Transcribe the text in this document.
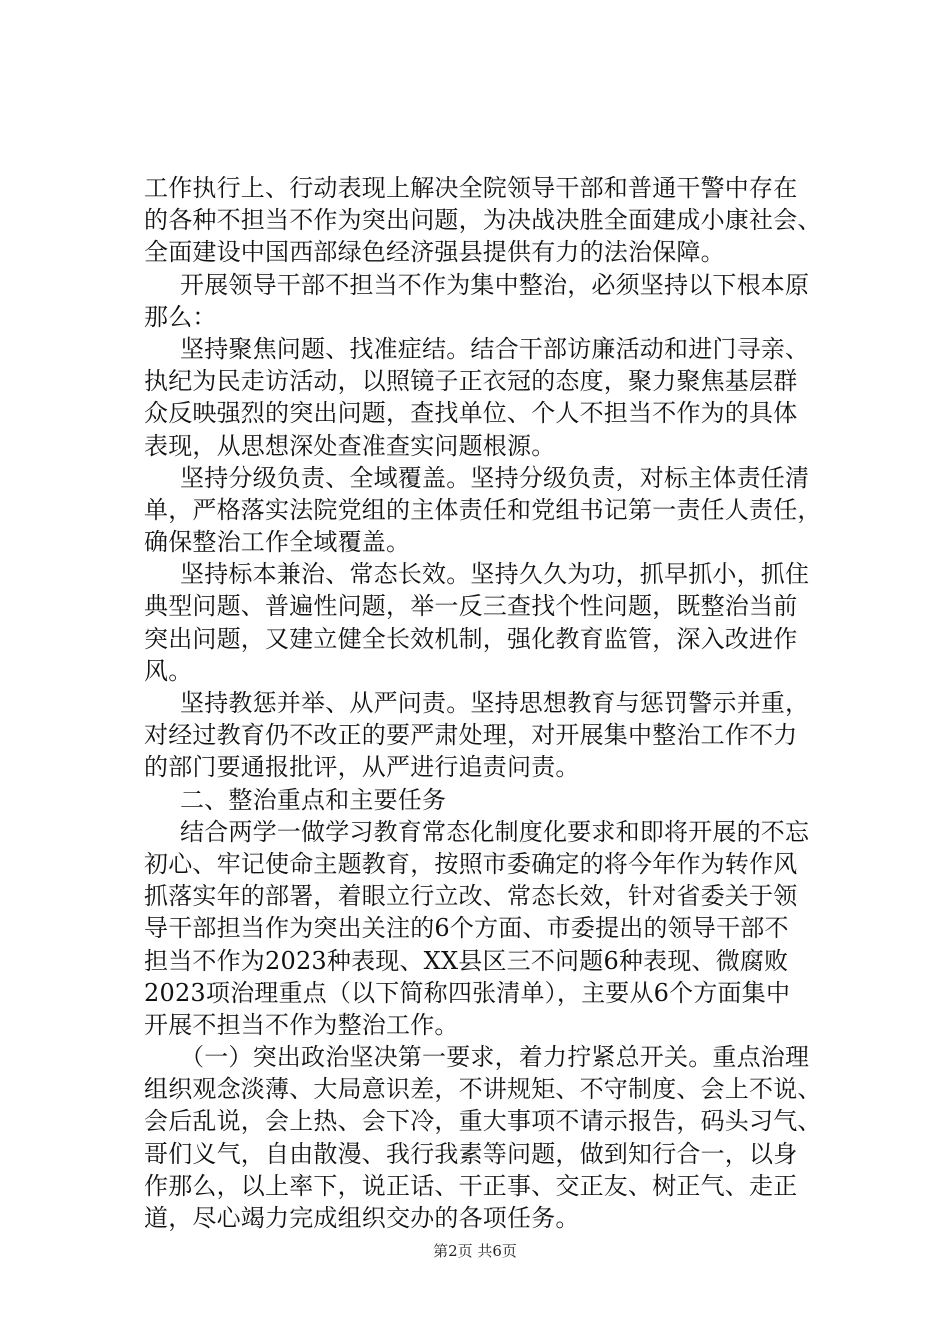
工作执行上、行动表现上解决全院领导干部和普通干警中存在
的各种不担当不作为突出问题，为决战决胜全面建成小康社会、
全面建设中国西部绿色经济强县提供有力的法治保障。
开展领导干部不担当不作为集中整治，必须坚持以下根本原
那么：
坚持聚焦问题、找准症结。结合干部访廉活动和进门寻亲、
执纪为民走访活动，以照镜子正衣冠的态度，聚力聚焦基层群
众反映强烈的突出问题，查找单位、个人不担当不作为的具体
表现，从思想深处查准查实问题根源。
坚持分级负责、全域覆盖。坚持分级负责，对标主体责任清
单，严格落实法院党组的主体责任和党组书记第一责任人责任，
确保整治工作全域覆盖。
坚持标本兼治、常态长效。坚持久久为功，抓早抓小，抓住
典型问题、普遍性问题，举一反三查找个性问题，既整治当前
突出问题，又建立健全长效机制，强化教育监管，深入改进作
风。
坚持教惩并举、从严问责。坚持思想教育与惩罚警示并重，
对经过教育仍不改正的要严肃处理，对开展集中整治工作不力
的部门要通报批评，从严进行追责问责。
二、整治重点和主要任务
结合两学一做学习教育常态化制度化要求和即将开展的不忘
初心、牢记使命主题教育，按照市委确定的将今年作为转作风
抓落实年的部署，着眼立行立改、常态长效，针对省委关于领
导干部担当作为突出关注的6个方面、市委提出的领导干部不
担当不作为2023种表现、XX县区三不问题6种表现、微腐败
2023项治理重点（以下简称四张清单），主要从6个方面集中
开展不担当不作为整治工作。
（一）突出政治坚决第一要求，着力拧紧总开关。重点治理
组织观念淡薄、大局意识差，不讲规矩、不守制度、会上不说、
会后乱说，会上热、会下冷，重大事项不请示报告，码头习气、
哥们义气，自由散漫、我行我素等问题，做到知行合一，以身
作那么，以上率下，说正话、干正事、交正友、树正气、走正
道，尽心竭力完成组织交办的各项任务。
第2页 共6页
